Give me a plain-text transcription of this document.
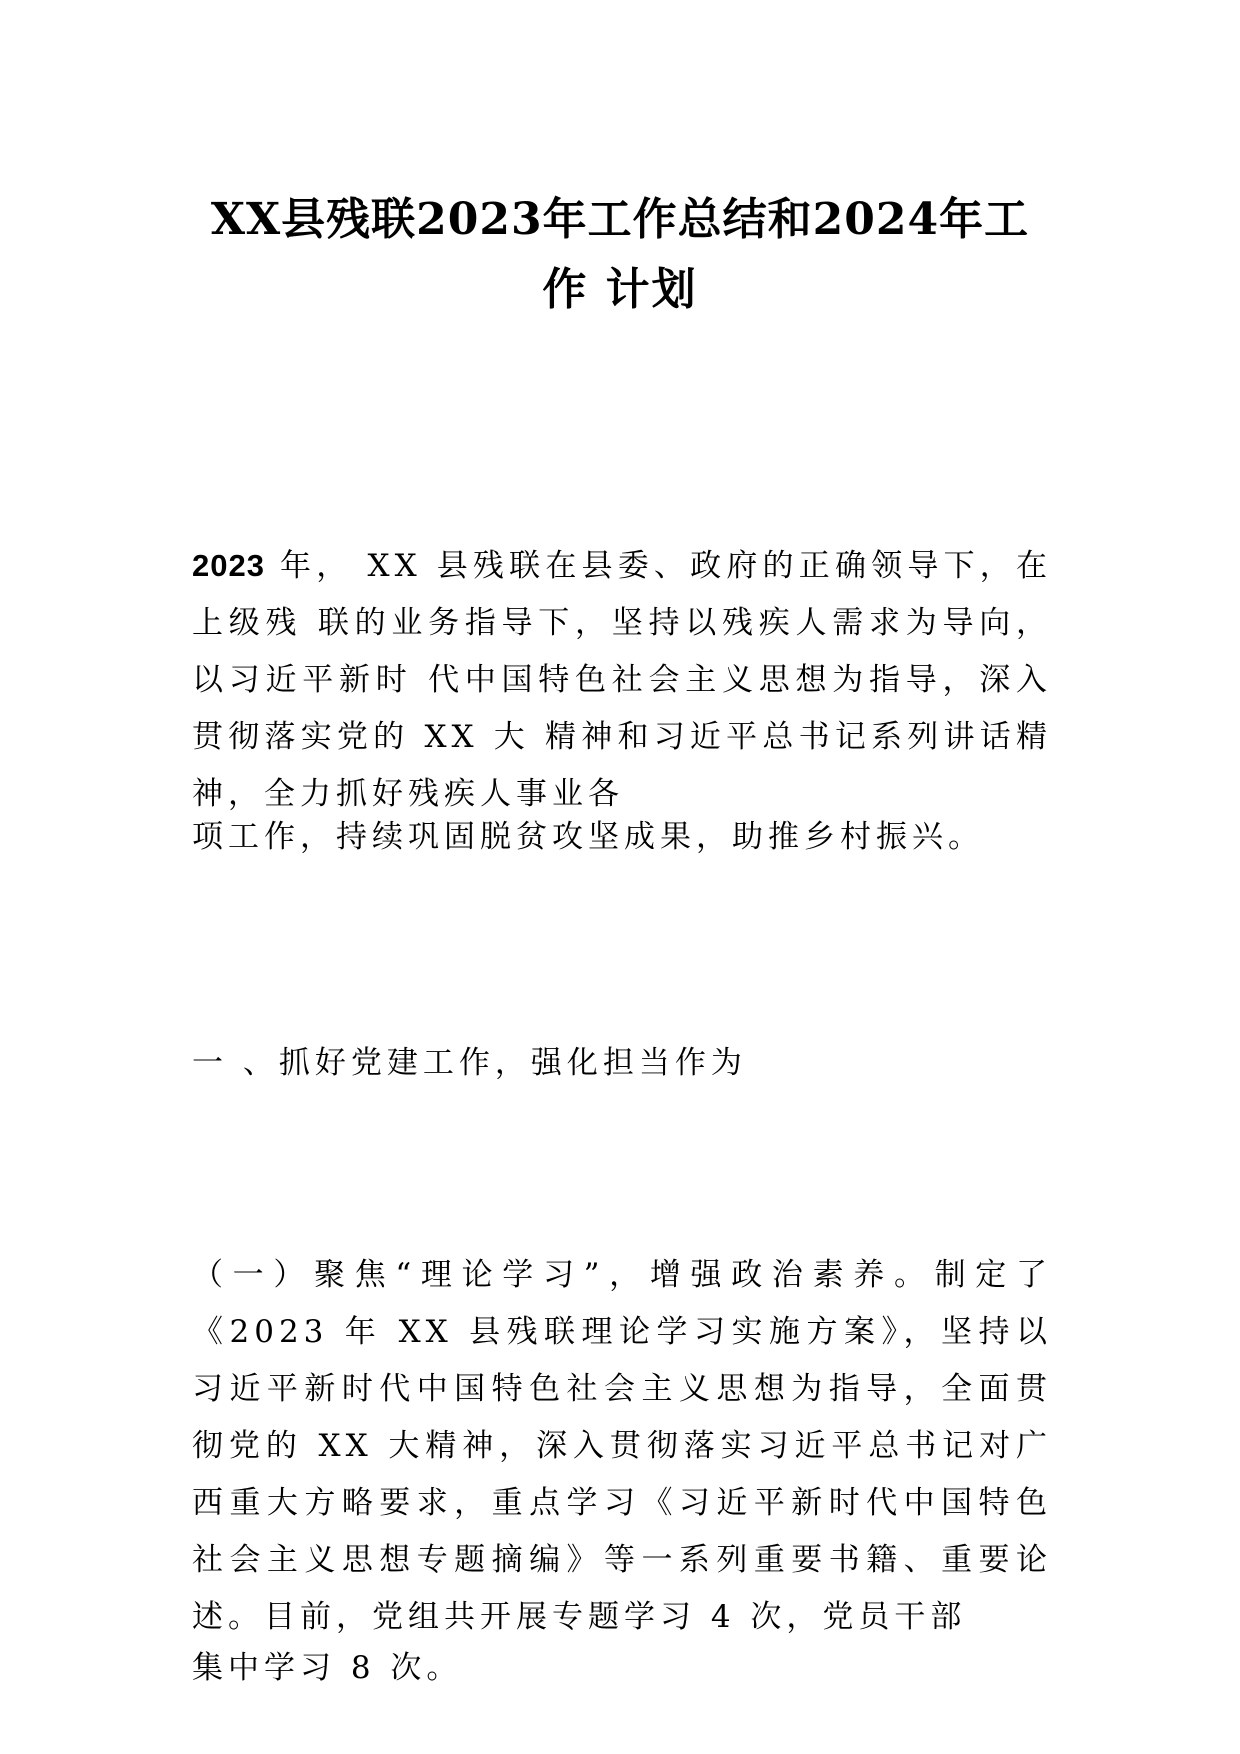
XX县残联2023年工作总结和2024年工
作 计划

2023 年， XX 县残联在县委、政府的正确领导下，在上级残 联的业务指导下，坚持以残疾人需求为导向，以习近平新时 代中国特色社会主义思想为指导，深入贯彻落实党的 XX 大 精神和习近平总书记系列讲话精神，全力抓好残疾人事业各

项工作，持续巩固脱贫攻坚成果，助推乡村振兴。

一 、抓好党建工作，强化担当作为

（一）聚焦“理论学习”，增强政治素养。制定了《2023 年 XX 县残联理论学习实施方案》，坚持以习近平新时代中国特色社会主义思想为指导，全面贯彻党的 XX 大精神，深入贯彻落实习近平总书记对广西重大方略要求，重点学习《习近平新时代中国特色社会主义思想专题摘编》等一系列重要书籍、重要论述。目前，党组共开展专题学习 4 次，党员干部

集中学习 8 次。
